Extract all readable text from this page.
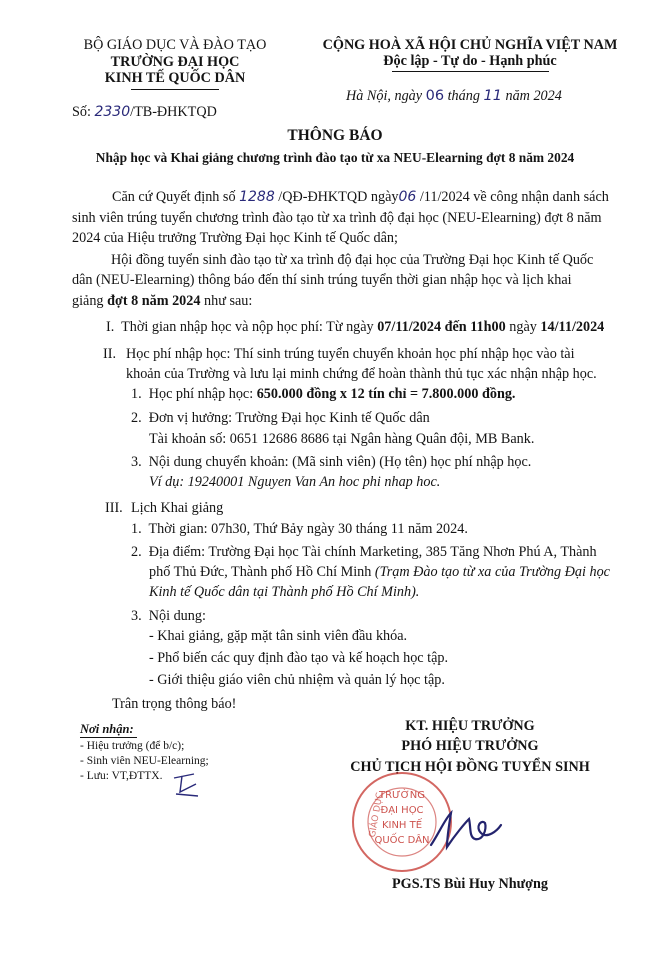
BỘ GIÁO DỤC VÀ ĐÀO TẠO
TRƯỜNG ĐẠI HỌC
KINH TẾ QUỐC DÂN
Số: 2330/TB-ĐHKTQD
CỘNG HOÀ XÃ HỘI CHỦ NGHĨA VIỆT NAM
Độc lập - Tự do - Hạnh phúc
Hà Nội, ngày 06 tháng 11 năm 2024
THÔNG BÁO
Nhập học và Khai giảng chương trình đào tạo từ xa NEU-Elearning đợt 8 năm 2024
Căn cứ Quyết định số 1288 /QĐ-ĐHKTQD ngày06 /11/2024 về công nhận danh sách
sinh viên trúng tuyển chương trình đào tạo từ xa trình độ đại học (NEU-Elearning) đợt 8 năm
2024 của Hiệu trưởng Trường Đại học Kinh tế Quốc dân;
Hội đồng tuyển sinh đào tạo từ xa trình độ đại học của Trường Đại học Kinh tế Quốc
dân (NEU-Elearning) thông báo đến thí sinh trúng tuyển thời gian nhập học và lịch khai
giảng đợt 8 năm 2024 như sau:
I. Thời gian nhập học và nộp học phí: Từ ngày 07/11/2024 đến 11h00 ngày 14/11/2024
II. Học phí nhập học: Thí sinh trúng tuyển chuyển khoản học phí nhập học vào tài
khoản của Trường và lưu lại minh chứng để hoàn thành thủ tục xác nhận nhập học.
1. Học phí nhập học: 650.000 đồng x 12 tín chỉ = 7.800.000 đồng.
2. Đơn vị hưởng: Trường Đại học Kinh tế Quốc dân
Tài khoản số: 0651 12686 8686 tại Ngân hàng Quân đội, MB Bank.
3. Nội dung chuyển khoản: (Mã sinh viên) (Họ tên) học phí nhập học.
Ví dụ: 19240001 Nguyen Van An hoc phi nhap hoc.
III. Lịch Khai giảng
1. Thời gian: 07h30, Thứ Bảy ngày 30 tháng 11 năm 2024.
2. Địa điểm: Trường Đại học Tài chính Marketing, 385 Tăng Nhơn Phú A, Thành
phố Thủ Đức, Thành phố Hồ Chí Minh (Trạm Đào tạo từ xa của Trường Đại học
Kinh tế Quốc dân tại Thành phố Hồ Chí Minh).
3. Nội dung:
- Khai giảng, gặp mặt tân sinh viên đầu khóa.
- Phổ biến các quy định đào tạo và kế hoạch học tập.
- Giới thiệu giáo viên chủ nhiệm và quản lý học tập.
Trân trọng thông báo!
Nơi nhận:
- Hiệu trưởng (để b/c);
- Sinh viên NEU-Elearning;
- Lưu: VT,ĐTTX.
KT. HIỆU TRƯỞNG
PHÓ HIỆU TRƯỞNG
CHỦ TỊCH HỘI ĐỒNG TUYỂN SINH
GIÁO DỤC
TRƯỜNG
ĐẠI HỌC
KINH TẾ
QUỐC DÂN
PGS.TS Bùi Huy Nhượng
